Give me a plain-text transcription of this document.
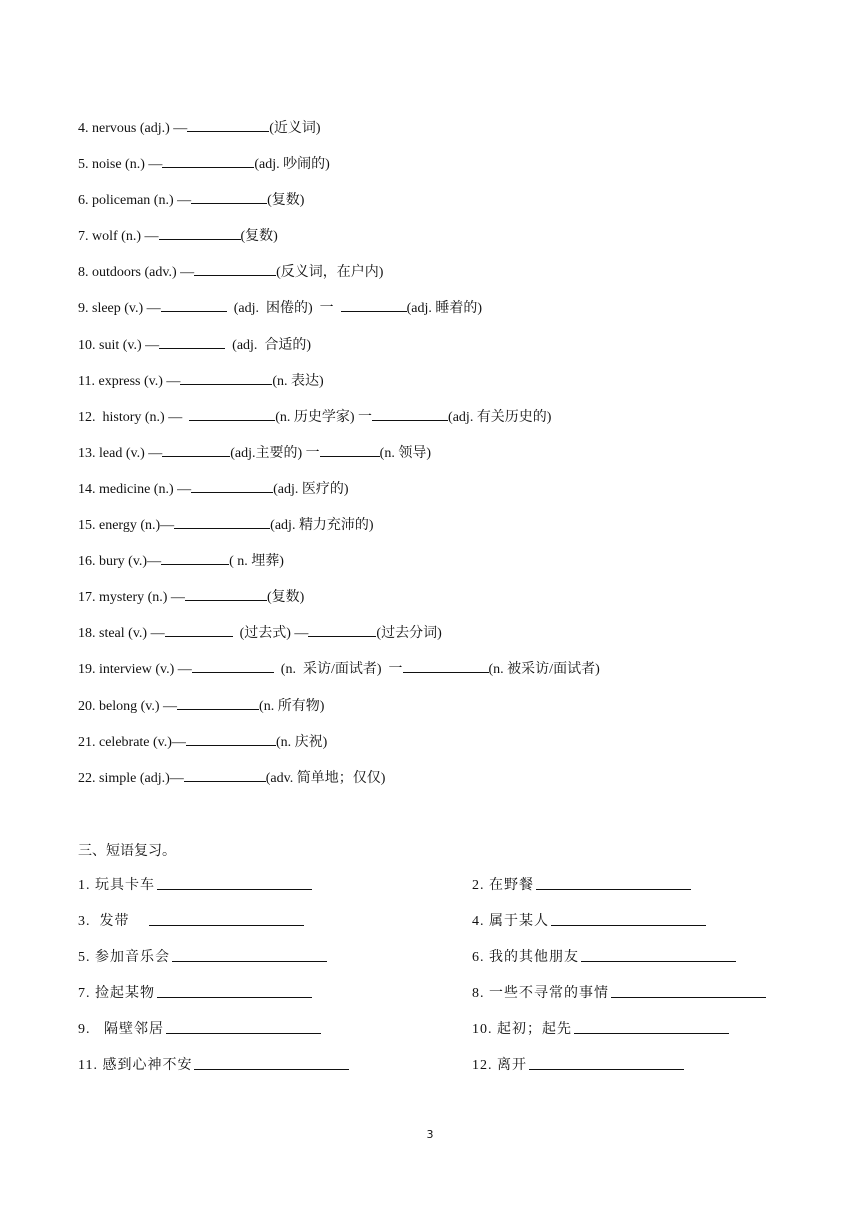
4. nervous (adj.) —	(近义词)
5. noise (n.) —	(adj. 吵闹的)
6. policeman (n.) —	(复数)
7. wolf (n.) —	(复数)
8. outdoors (adv.) —	(反义词，在户内)
9. sleep (v.) —	(adj.  困倦的)  一	(adj. 睡着的)
10. suit (v.) —	(adj.  合适的)
11. express (v.) —	(n. 表达)
12.  history (n.) —	(n. 历史学家) 一	(adj. 有关历史的)
13. lead (v.) —	(adj.主要的) 一	(n. 领导)
14. medicine (n.) —	(adj. 医疗的)
15. energy (n.)—	(adj. 精力充沛的)
16. bury (v.)—	( n. 埋葬)
17. mystery (n.) —	(复数)
18. steal (v.) —	(过去式) —	(过去分词)
19. interview (v.) —	(n.  采访/面试者)  一	(n. 被采访/面试者)
20. belong (v.) —	(n. 所有物)
21. celebrate (v.)—	(n. 庆祝)
22. simple (adj.)—	(adv. 简单地；仅仅)
三、短语复习。
1. 玩具卡车	2. 在野餐
3.  发带	4. 属于某人
5. 参加音乐会	6. 我的其他朋友
7. 捡起某物	8. 一些不寻常的事情
9.   隔壁邻居	10. 起初；起先
11. 感到心神不安	12. 离开
3
